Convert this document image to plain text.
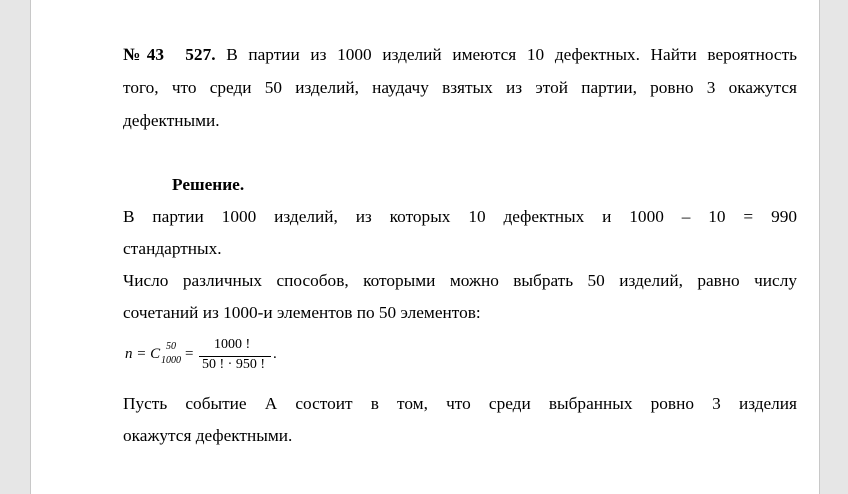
№43 527. В партии из 1000 изделий имеются 10 дефектных. Найти вероятность
того, что среди 50 изделий, наудачу взятых из этой партии, ровно 3 окажутся
дефектными.
Решение.
В партии 1000 изделий, из которых 10 дефектных и 1000 – 10 = 990
стандартных.
Число различных способов, которыми можно выбрать 50 изделий, равно числу
сочетаний из 1000-и элементов по 50 элементов:
n = C 50
1000 =
1000 !
50 ! · 950 !
.
Пусть событие А состоит в том, что среди выбранных ровно 3 изделия
окажутся дефектными.
